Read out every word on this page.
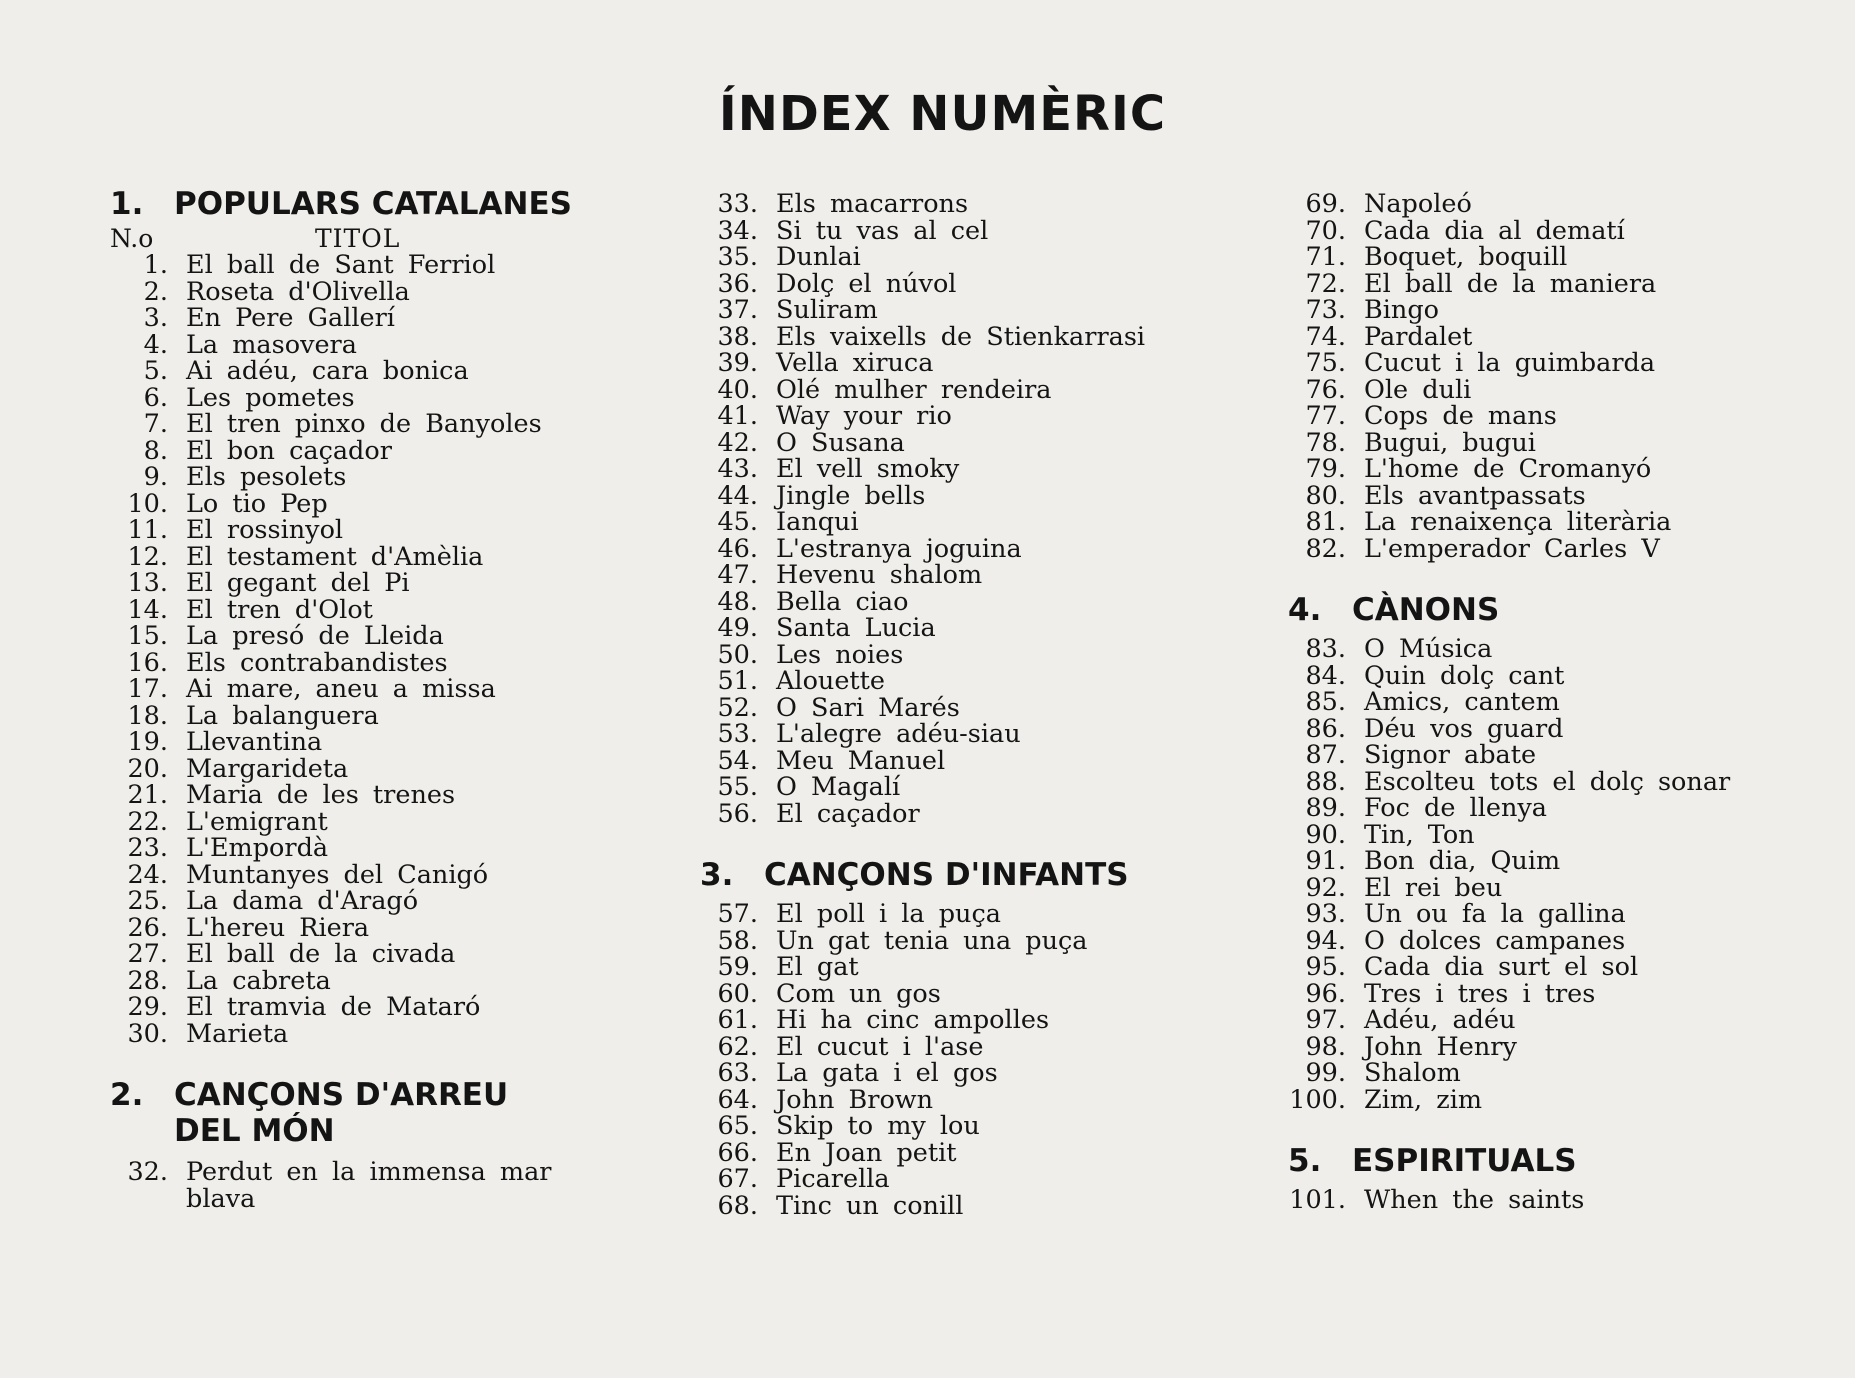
ÍNDEX NUMÈRIC
1. POPULARS CATALANES
N.o	TITOL
1. El ball de Sant Ferriol
2. Roseta d'Olivella
3. En Pere Gallerí
4. La masovera
5. Ai adéu, cara bonica
6. Les pometes
7. El tren pinxo de Banyoles
8. El bon caçador
9. Els pesolets
10. Lo tio Pep
11. El rossinyol
12. El testament d'Amèlia
13. El gegant del Pi
14. El tren d'Olot
15. La presó de Lleida
16. Els contrabandistes
17. Ai mare, aneu a missa
18. La balanguera
19. Llevantina
20. Margarideta
21. Maria de les trenes
22. L'emigrant
23. L'Empordà
24. Muntanyes del Canigó
25. La dama d'Aragó
26. L'hereu Riera
27. El ball de la civada
28. La cabreta
29. El tramvia de Mataró
30. Marieta
2. CANÇONS D'ARREU
DEL MÓN
32. Perdut en la immensa mar blava
33. Els macarrons
34. Si tu vas al cel
35. Dunlai
36. Dolç el núvol
37. Suliram
38. Els vaixells de Stienkarrasi
39. Vella xiruca
40. Olé mulher rendeira
41. Way your rio
42. O Susana
43. El vell smoky
44. Jingle bells
45. Ianqui
46. L'estranya joguina
47. Hevenu shalom
48. Bella ciao
49. Santa Lucia
50. Les noies
51. Alouette
52. O Sari Marés
53. L'alegre adéu-siau
54. Meu Manuel
55. O Magalí
56. El caçador
3. CANÇONS D'INFANTS
57. El poll i la puça
58. Un gat tenia una puça
59. El gat
60. Com un gos
61. Hi ha cinc ampolles
62. El cucut i l'ase
63. La gata i el gos
64. John Brown
65. Skip to my lou
66. En Joan petit
67. Picarella
68. Tinc un conill
69. Napoleó
70. Cada dia al dematí
71. Boquet, boquill
72. El ball de la maniera
73. Bingo
74. Pardalet
75. Cucut i la guimbarda
76. Ole duli
77. Cops de mans
78. Bugui, bugui
79. L'home de Cromanyó
80. Els avantpassats
81. La renaixença literària
82. L'emperador Carles V
4. CÀNONS
83. O Música
84. Quin dolç cant
85. Amics, cantem
86. Déu vos guard
87. Signor abate
88. Escolteu tots el dolç sonar
89. Foc de llenya
90. Tin, Ton
91. Bon dia, Quim
92. El rei beu
93. Un ou fa la gallina
94. O dolces campanes
95. Cada dia surt el sol
96. Tres i tres i tres
97. Adéu, adéu
98. John Henry
99. Shalom
100. Zim, zim
5. ESPIRITUALS
101. When the saints
